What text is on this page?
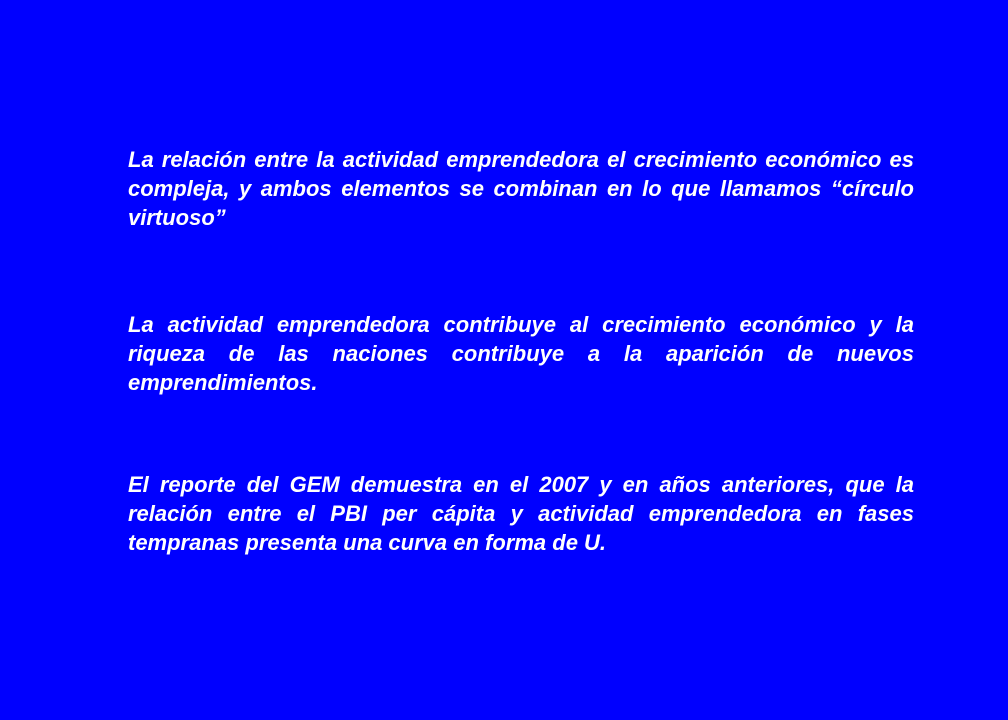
La relación entre la actividad emprendedora el crecimiento económico es compleja, y ambos elementos se combinan en lo que llamamos “círculo virtuoso”

La actividad emprendedora contribuye al crecimiento económico y la riqueza de las naciones contribuye a la aparición de nuevos emprendimientos.

El reporte del GEM demuestra en el 2007 y en años anteriores, que la relación entre el PBI per cápita y actividad emprendedora en fases tempranas presenta una curva en forma de U.
